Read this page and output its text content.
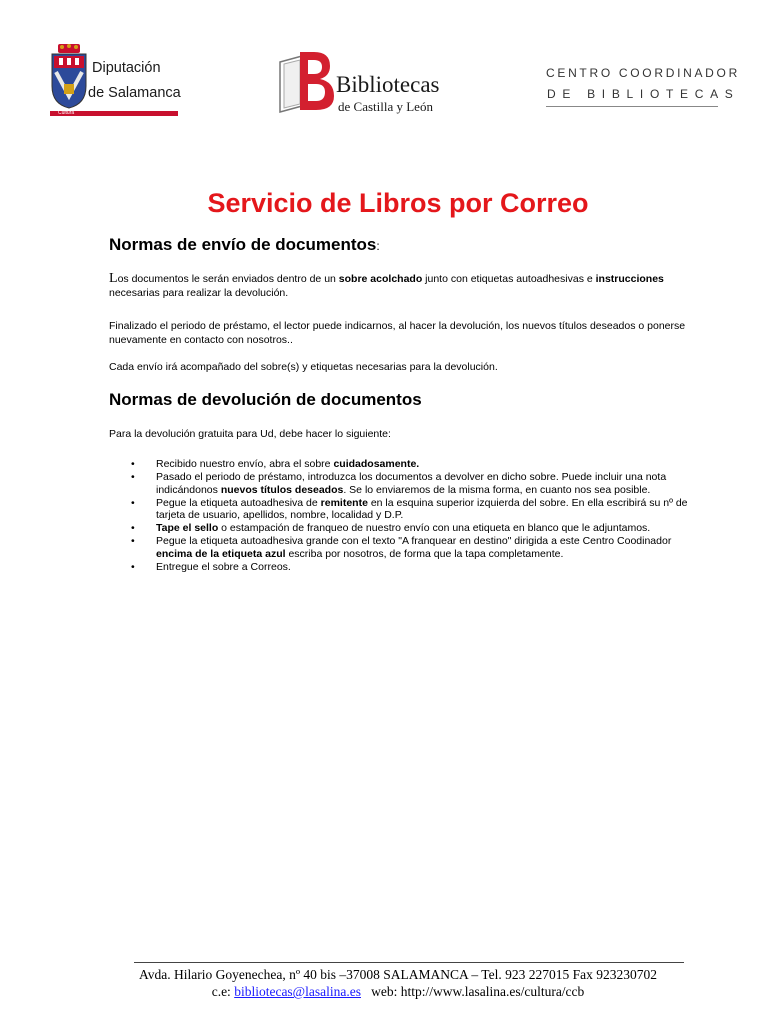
Diputación
de Salamanca
Cultura
Bibliotecas
de Castilla y León
CENTRO COORDINADOR
DE BIBLIOTECAS
Servicio de Libros por Correo
Normas de envío de documentos:
Los documentos le serán enviados dentro de un sobre acolchado junto con etiquetas autoadhesivas e instrucciones necesarias para realizar la devolución.
Finalizado el periodo de préstamo, el lector puede indicarnos, al hacer la devolución, los nuevos títulos deseados o ponerse nuevamente en contacto con nosotros..
Cada envío irá acompañado del sobre(s) y etiquetas necesarias para la devolución.
Normas de devolución de documentos
Para la devolución gratuita para Ud, debe hacer lo siguiente:
• Recibido nuestro envío, abra el sobre cuidadosamente.
• Pasado el periodo de préstamo, introduzca los documentos a devolver en dicho sobre. Puede incluir una nota indicándonos nuevos títulos deseados. Se lo enviaremos de la misma forma, en cuanto nos sea posible.
• Pegue la etiqueta autoadhesiva de remitente en la esquina superior izquierda del sobre. En ella escribirá su nº de tarjeta de usuario, apellidos, nombre, localidad y D.P.
• Tape el sello o estampación de franqueo de nuestro envío con una etiqueta en blanco que le adjuntamos.
• Pegue la etiqueta autoadhesiva grande con el texto "A franquear en destino" dirigida a este Centro Coodinador encima de la etiqueta azul escriba por nosotros, de forma que la tapa completamente.
• Entregue el sobre a Correos.
Avda. Hilario Goyenechea, nº 40 bis –37008 SALAMANCA – Tel. 923 227015 Fax 923230702
c.e: bibliotecas@lasalina.es   web: http://www.lasalina.es/cultura/ccb
